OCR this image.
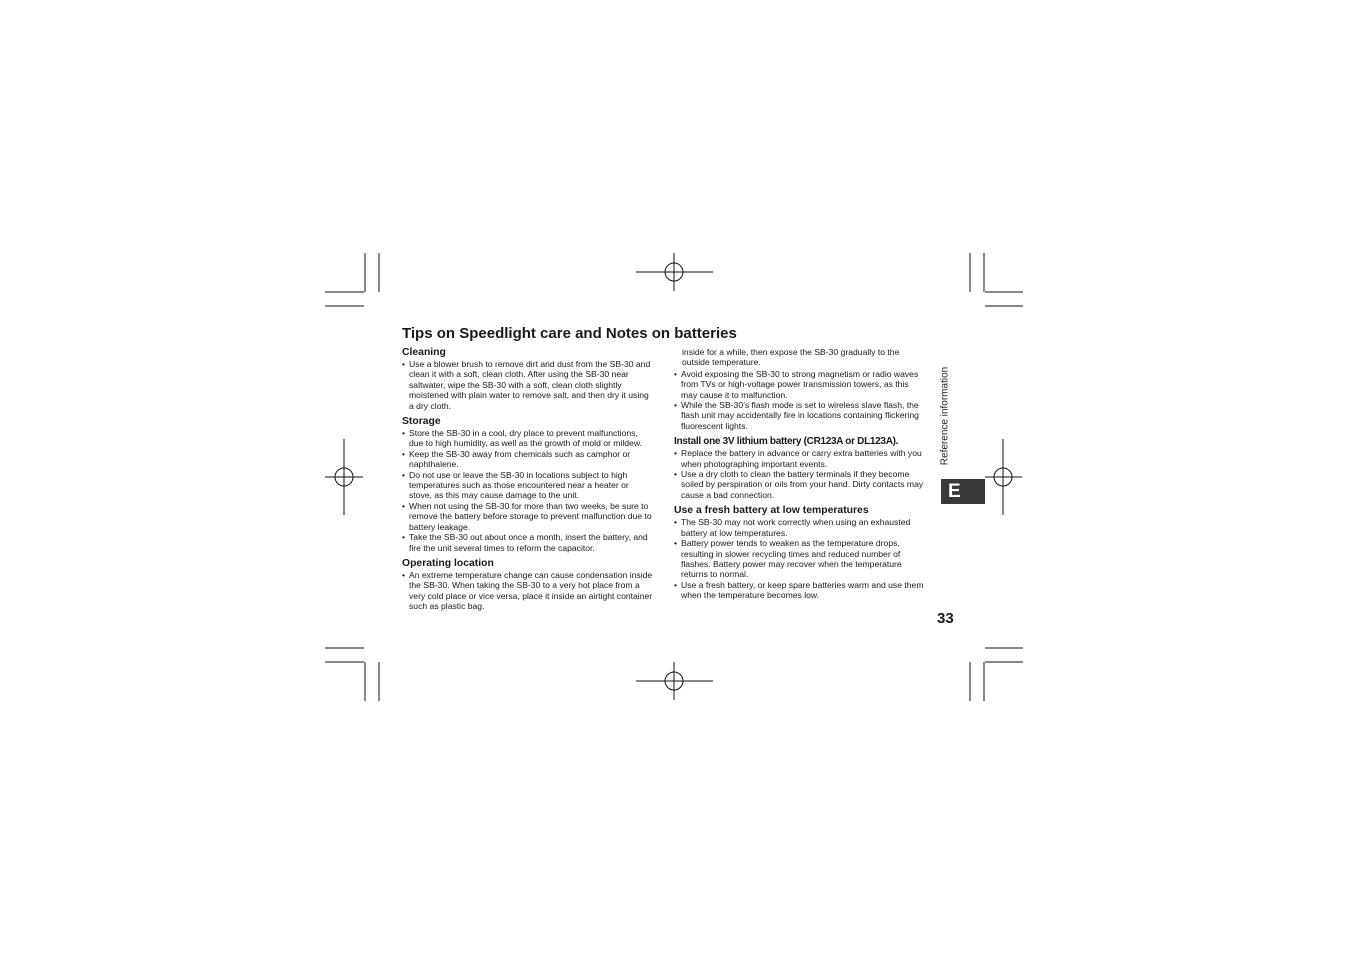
Tips on Speedlight care and Notes on batteries
Cleaning
• Use a blower brush to remove dirt and dust from the SB-30 and clean it with a soft, clean cloth. After using the SB-30 near saltwater, wipe the SB-30 with a soft, clean cloth slightly moistened with plain water to remove salt, and then dry it using a dry cloth.
Storage
• Store the SB-30 in a cool, dry place to prevent malfunctions, due to high humidity, as well as the growth of mold or mildew.
• Keep the SB-30 away from chemicals such as camphor or naphthalene.
• Do not use or leave the SB-30 in locations subject to high temperatures such as those encountered near a heater or stove, as this may cause damage to the unit.
• When not using the SB-30 for more than two weeks, be sure to remove the battery before storage to prevent malfunction due to battery leakage.
• Take the SB-30 out about once a month, insert the battery, and fire the unit several times to reform the capacitor.
Operating location
• An extreme temperature change can cause condensation inside the SB-30. When taking the SB-30 to a very hot place from a very cold place or vice versa, place it inside an airtight container such as plastic bag.

inside for a while, then expose the SB-30 gradually to the outside temperature.

• Avoid exposing the SB-30 to strong magnetism or radio waves from TVs or high-voltage power transmission towers, as this may cause it to malfunction.
• While the SB-30’s flash mode is set to wireless slave flash, the flash unit may accidentally fire in locations containing flickering fluorescent lights.
Install one 3V lithium battery (CR123A or DL123A).
• Replace the battery in advance or carry extra batteries with you when photographing important events.
• Use a dry cloth to clean the battery terminals if they become soiled by perspiration or oils from your hand. Dirty contacts may cause a bad connection.
Use a fresh battery at low temperatures
• The SB-30 may not work correctly when using an exhausted battery at low temperatures.
• Battery power tends to weaken as the temperature drops, resulting in slower recycling times and reduced number of flashes. Battery power may recover when the temperature returns to normal.
• Use a fresh battery, or keep spare batteries warm and use them when the temperature becomes low.
Reference information
E
33
